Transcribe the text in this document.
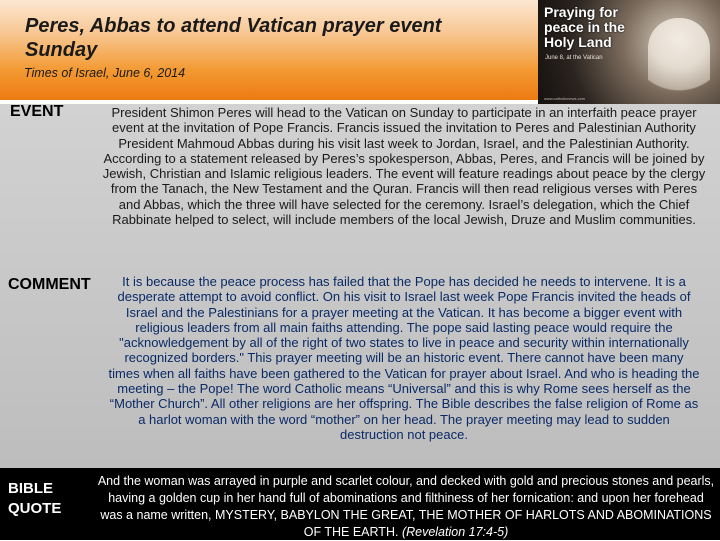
Peres, Abbas to attend Vatican prayer event Sunday
Times of Israel, June 6, 2014
Praying for peace in the Holy Land
June 8, at the Vatican
www.catholicnews.com
EVENT	President Shimon Peres will head to the Vatican on Sunday to participate in an interfaith peace prayer event at the invitation of Pope Francis. Francis issued the invitation to Peres and Palestinian Authority President Mahmoud Abbas during his visit last week to Jordan, Israel, and the Palestinian Authority. According to a statement released by Peres’s spokesperson, Abbas, Peres, and Francis will be joined by Jewish, Christian and Islamic religious leaders. The event will feature readings about peace by the clergy from the Tanach, the New Testament and the Quran. Francis will then read religious verses with Peres and Abbas, which the three will have selected for the ceremony. Israel’s delegation, which the Chief Rabbinate helped to select, will include members of the local Jewish, Druze and Muslim communities.

COMMENT	It is because the peace process has failed that the Pope has decided he needs to intervene. It is a desperate attempt to avoid conflict. On his visit to Israel last week Pope Francis invited the heads of Israel and the Palestinians for a prayer meeting at the Vatican. It has become a bigger event with religious leaders from all main faiths attending. The pope said lasting peace would require the "acknowledgement by all of the right of two states to live in peace and security within internationally recognized borders." This prayer meeting will be an historic event. There cannot have been many times when all faiths have been gathered to the Vatican for prayer about Israel. And who is heading the meeting – the Pope! The word Catholic means “Universal” and this is why Rome sees herself as the “Mother Church”. All other religions are her offspring. The Bible describes the false religion of Rome as a harlot woman with the word “mother” on her head. The prayer meeting may lead to sudden destruction not peace.

BIBLE QUOTE

And the woman was arrayed in purple and scarlet colour, and decked with gold and precious stones and pearls, having a golden cup in her hand full of abominations and filthiness of her fornication: and upon her forehead was a name written, MYSTERY, BABYLON THE GREAT, THE MOTHER OF HARLOTS AND ABOMINATIONS OF THE EARTH. (Revelation 17:4-5)
